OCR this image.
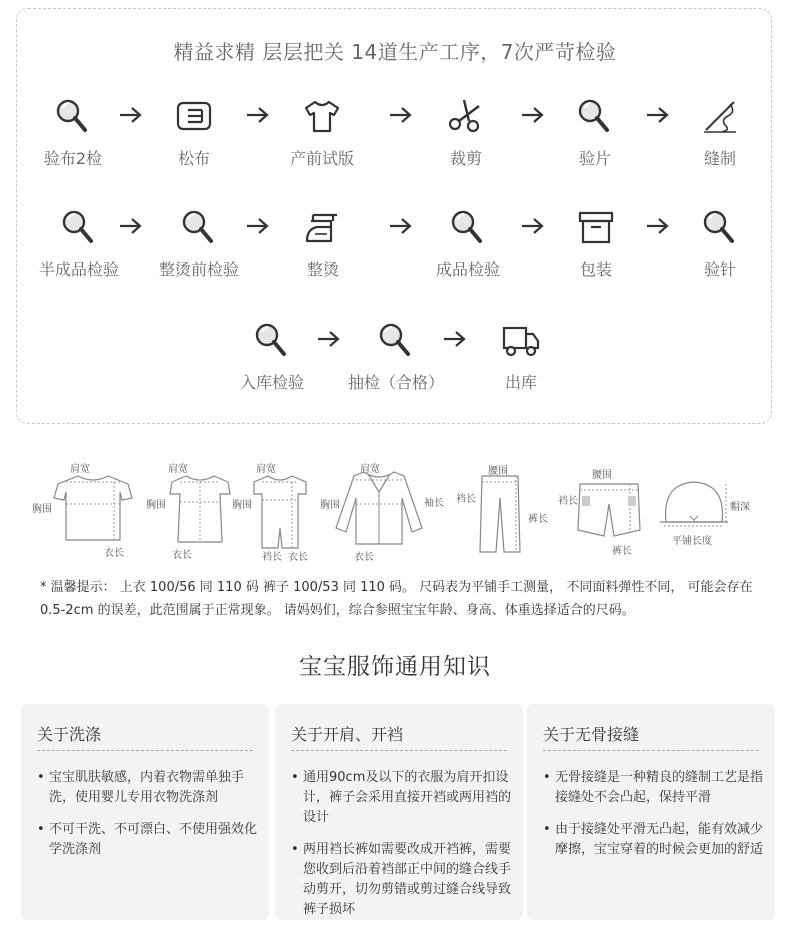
精益求精 层层把关 14道生产工序，7次严苛检验
验布2检	松布	产前试版	裁剪	验片	缝制
半成品检验	整烫前检验	整烫	成品检验	包装	验针
入库检验	抽检（合格）	出库
肩宽
胸围
衣长
肩宽
胸围
衣长
肩宽
胸围
裆长 衣长
肩宽
胸围	袖长
衣长
腰围
裆长
裤长
腰围
裆长
裤长
帽深
平铺长度
* 温馨提示： 上衣 100/56 同 110 码 裤子 100/53 同 110 码。 尺码表为平铺手工测量， 不同面料弹性不同， 可能会存在 0.5-2cm 的误差，此范围属于正常现象。 请妈妈们，综合参照宝宝年龄、身高、体重选择适合的尺码。
宝宝服饰通用知识
关于洗涤
• 宝宝肌肤敏感，内着衣物需单独手洗，使用婴儿专用衣物洗涤剂
• 不可干洗、不可漂白、不使用强效化学洗涤剂
关于开肩、开裆
• 通用90cm及以下的衣服为肩开扣设计，裤子会采用直接开裆或两用裆的设计
• 两用裆长裤如需要改成开裆裤，需要您收到后沿着裆部正中间的缝合线手动剪开，切勿剪错或剪过缝合线导致裤子损坏
关于无骨接缝
• 无骨接缝是一种精良的缝制工艺是指接缝处不会凸起，保持平滑
• 由于接缝处平滑无凸起，能有效减少摩擦，宝宝穿着的时候会更加的舒适
